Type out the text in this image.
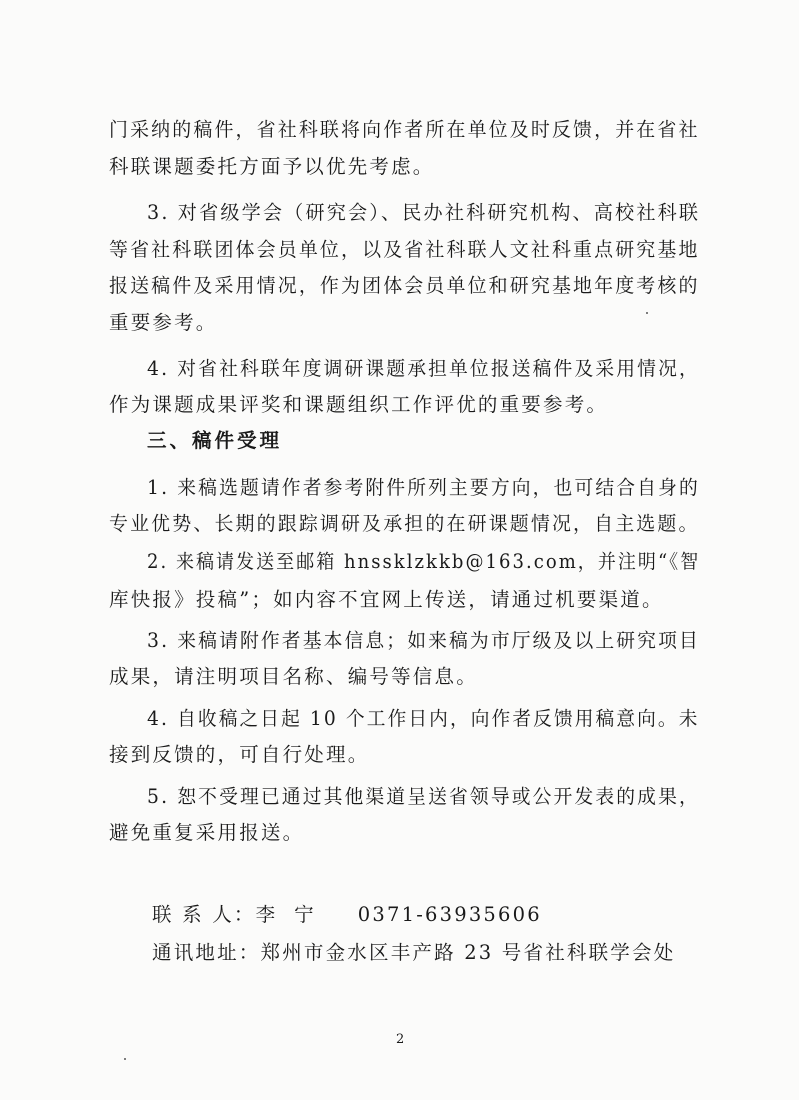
门采纳的稿件，省社科联将向作者所在单位及时反馈，并在省社
科联课题委托方面予以优先考虑。
3. 对省级学会（研究会）、民办社科研究机构、高校社科联
等省社科联团体会员单位，以及省社科联人文社科重点研究基地
报送稿件及采用情况，作为团体会员单位和研究基地年度考核的
重要参考。
4. 对省社科联年度调研课题承担单位报送稿件及采用情况，
作为课题成果评奖和课题组织工作评优的重要参考。
三、稿件受理
1. 来稿选题请作者参考附件所列主要方向，也可结合自身的
专业优势、长期的跟踪调研及承担的在研课题情况，自主选题。
2. 来稿请发送至邮箱 hnssklzkkb@163.com，并注明“《智
库快报》投稿”；如内容不宜网上传送，请通过机要渠道。
3. 来稿请附作者基本信息；如来稿为市厅级及以上研究项目
成果，请注明项目名称、编号等信息。
4. 自收稿之日起 10 个工作日内，向作者反馈用稿意向。未
接到反馈的，可自行处理。
5. 恕不受理已通过其他渠道呈送省领导或公开发表的成果，
避免重复采用报送。
联 系 人：李  宁     0371-63935606
通讯地址：郑州市金水区丰产路 23 号省社科联学会处
2
